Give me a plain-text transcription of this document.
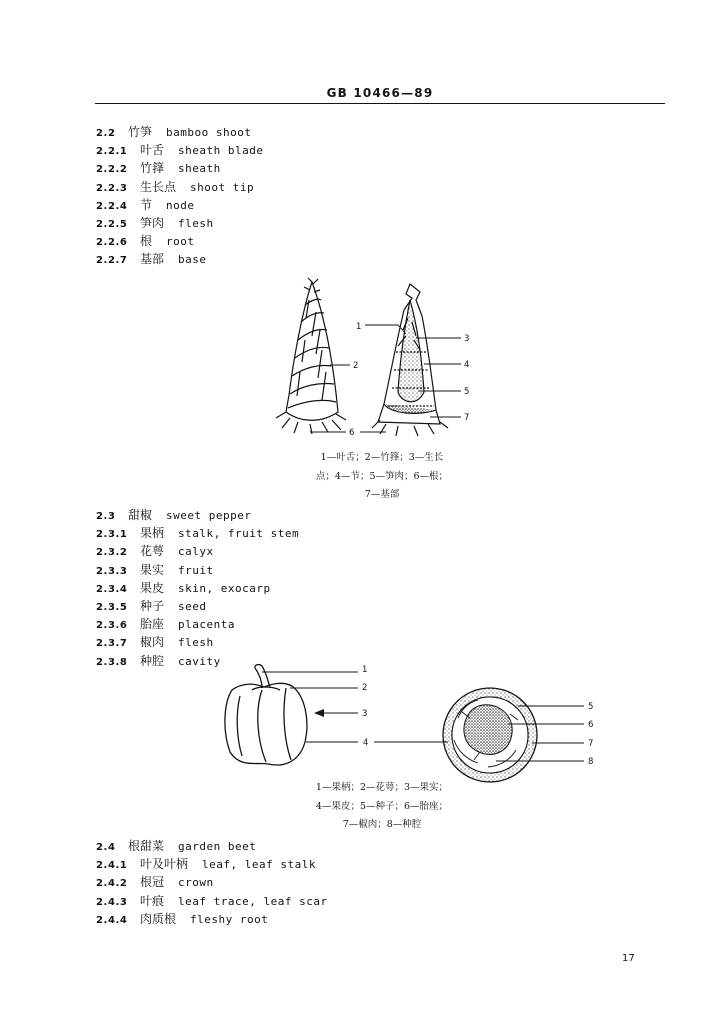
GB 10466—89
2.2 竹笋 bamboo shoot
2.2.1 叶舌 sheath blade
2.2.2 竹箨 sheath
2.2.3 生长点 shoot tip
2.2.4 节 node
2.2.5 笋肉 flesh
2.2.6 根 root
2.2.7 基部 base
2.3 甜椒 sweet pepper
2.3.1 果柄 stalk, fruit stem
2.3.2 花萼 calyx
2.3.3 果实 fruit
2.3.4 果皮 skin, exocarp
2.3.5 种子 seed
2.3.6 胎座 placenta
2.3.7 椒肉 flesh
2.3.8 种腔 cavity
2.4 根甜菜 garden beet
2.4.1 叶及叶柄 leaf, leaf stalk
2.4.2 根冠 crown
2.4.3 叶痕 leaf trace, leaf scar
2.4.4 肉质根 fleshy root
1
2
3
4
5
6
7
1
2
3
4
5
6
7
8
1—叶舌；2—竹箨；3—生长
点；4—节；5—笋肉；6—根；
7—基部
1—果柄；2—花萼；3—果实；
4—果皮；5—种子；6—胎座；
7—椒肉；8—种腔
17
